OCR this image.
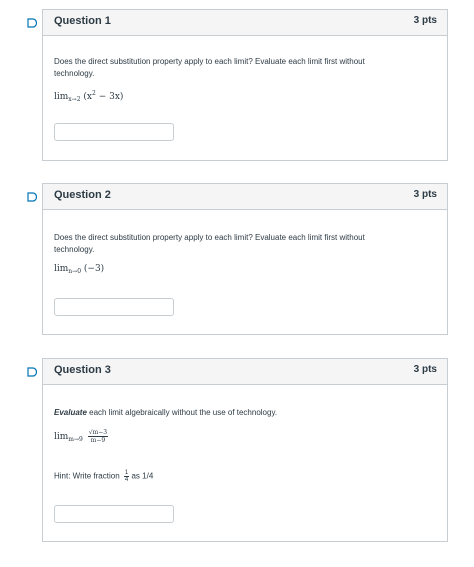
Question 1	3 pts
Does the direct substitution property apply to each limit? Evaluate each limit first without technology.
$\lim_{x\to 2} (x^2 - 3x)$
Question 2	3 pts
Does the direct substitution property apply to each limit? Evaluate each limit first without technology.
$\lim_{n\to 0} (-3)$
Question 3	3 pts
Evaluate each limit algebraically without the use of technology.
$\lim_{m\to 9} \frac{√m-3}{m-9}$
Hint: Write fraction $\frac{1}{4}$ as 1/4
